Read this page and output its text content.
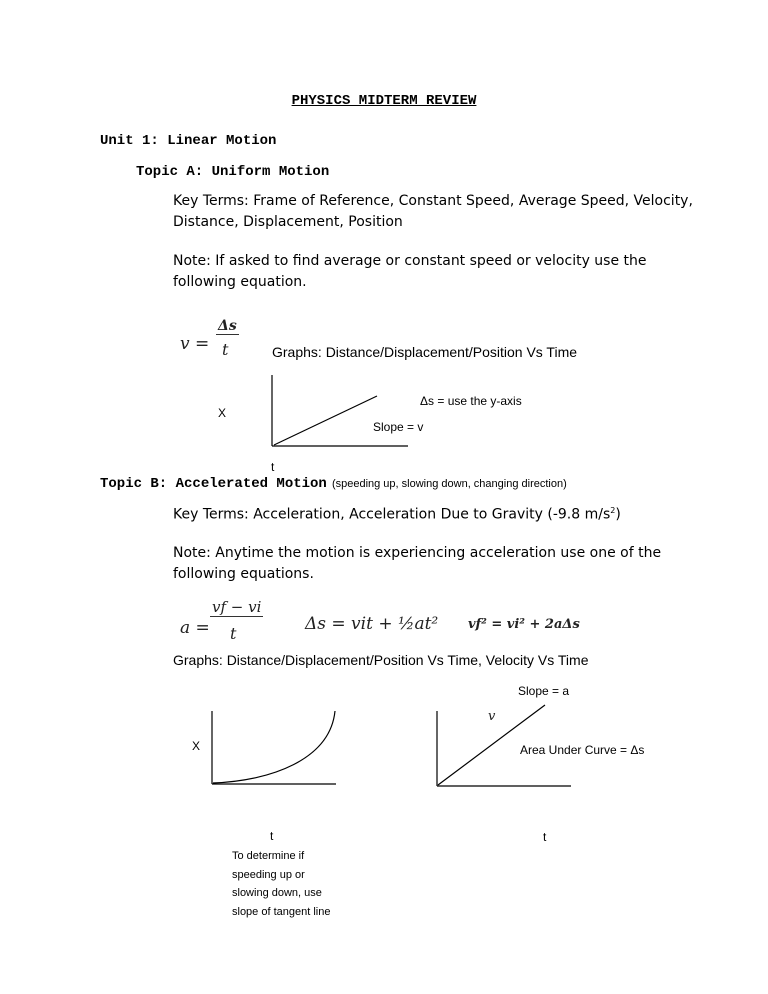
PHYSICS MIDTERM REVIEW
Unit 1: Linear Motion
Topic A: Uniform Motion
Key Terms: Frame of Reference, Constant Speed, Average Speed, Velocity,
Distance, Displacement, Position
Note: If asked to find average or constant speed or velocity use the
following equation.
v =
Δs
t	Graphs: Distance/Displacement/Position Vs Time
X
Δs = use the y-axis
Slope = v
t
Topic B: Accelerated Motion (speeding up, slowing down, changing direction)
Key Terms: Acceleration, Acceleration Due to Gravity (-9.8 $m/s^2$)
Note: Anytime the motion is experiencing acceleration use one of the
following equations.
a =
vf − vi
t	Δs = vit + ½at² vf² = vi² + 2aΔs
Graphs: Distance/Displacement/Position Vs Time, Velocity Vs Time
X
t
To determine if
speeding up or
slowing down, use
slope of tangent line
Slope = a
v
Area Under Curve = Δs
t
